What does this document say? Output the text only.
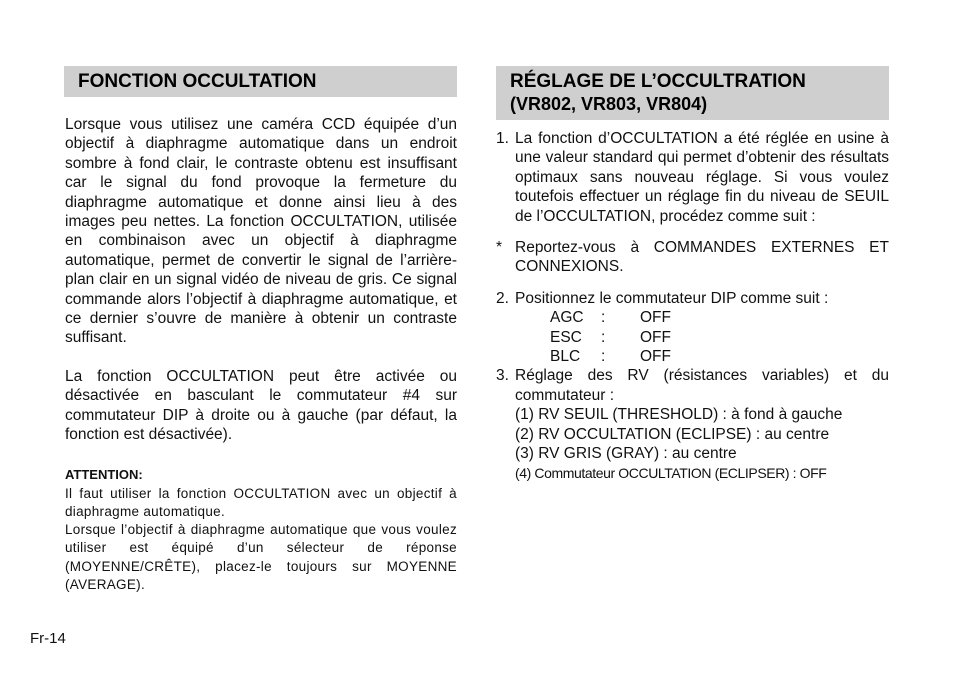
FONCTION OCCULTATION

Lorsque vous utilisez une caméra CCD équipée d’un objectif à diaphragme automatique dans un endroit sombre à fond clair, le contraste obtenu est insuffisant car le signal du fond provoque la fermeture du diaphragme automatique et donne ainsi lieu à des images peu nettes. La fonction OCCULTATION, utilisée en combinaison avec un objectif à diaphragme automatique, permet de convertir le signal de l’arrière-plan clair en un signal vidéo de niveau de gris. Ce signal commande alors l’objectif à diaphragme automatique, et ce dernier s’ouvre de manière à obtenir un contraste suffisant.

La fonction OCCULTATION peut être activée ou désactivée en basculant le commutateur #4 sur commutateur DIP à droite ou à gauche (par défaut, la fonction est désactivée).

ATTENTION:
Il faut utiliser la fonction OCCULTATION avec un objectif à diaphragme automatique.
Lorsque l’objectif à diaphragme automatique que vous voulez utiliser est équipé d’un sélecteur de réponse (MOYENNE/CRÊTE), placez-le toujours sur MOYENNE (AVERAGE).
RÉGLAGE DE L’OCCULTRATION
(VR802, VR803, VR804)
1. La fonction d’OCCULTATION a été réglée en usine à une valeur standard qui permet d’obtenir des résultats optimaux sans nouveau réglage. Si vous voulez toutefois effectuer un réglage fin du niveau de SEUIL de l’OCCULTATION, procédez comme suit :
* Reportez-vous à COMMANDES EXTERNES ET CONNEXIONS.
2. Positionnez le commutateur DIP comme suit :
AGC	:	OFF
ESC	:	OFF
BLC	:	OFF
3. Réglage des RV (résistances variables) et du commutateur :
(1) RV SEUIL (THRESHOLD) : à fond à gauche
(2) RV OCCULTATION (ECLIPSE) : au centre
(3) RV GRIS (GRAY) : au centre
(4) Commutateur OCCULTATION (ECLIPSER) : OFF
Fr-14
